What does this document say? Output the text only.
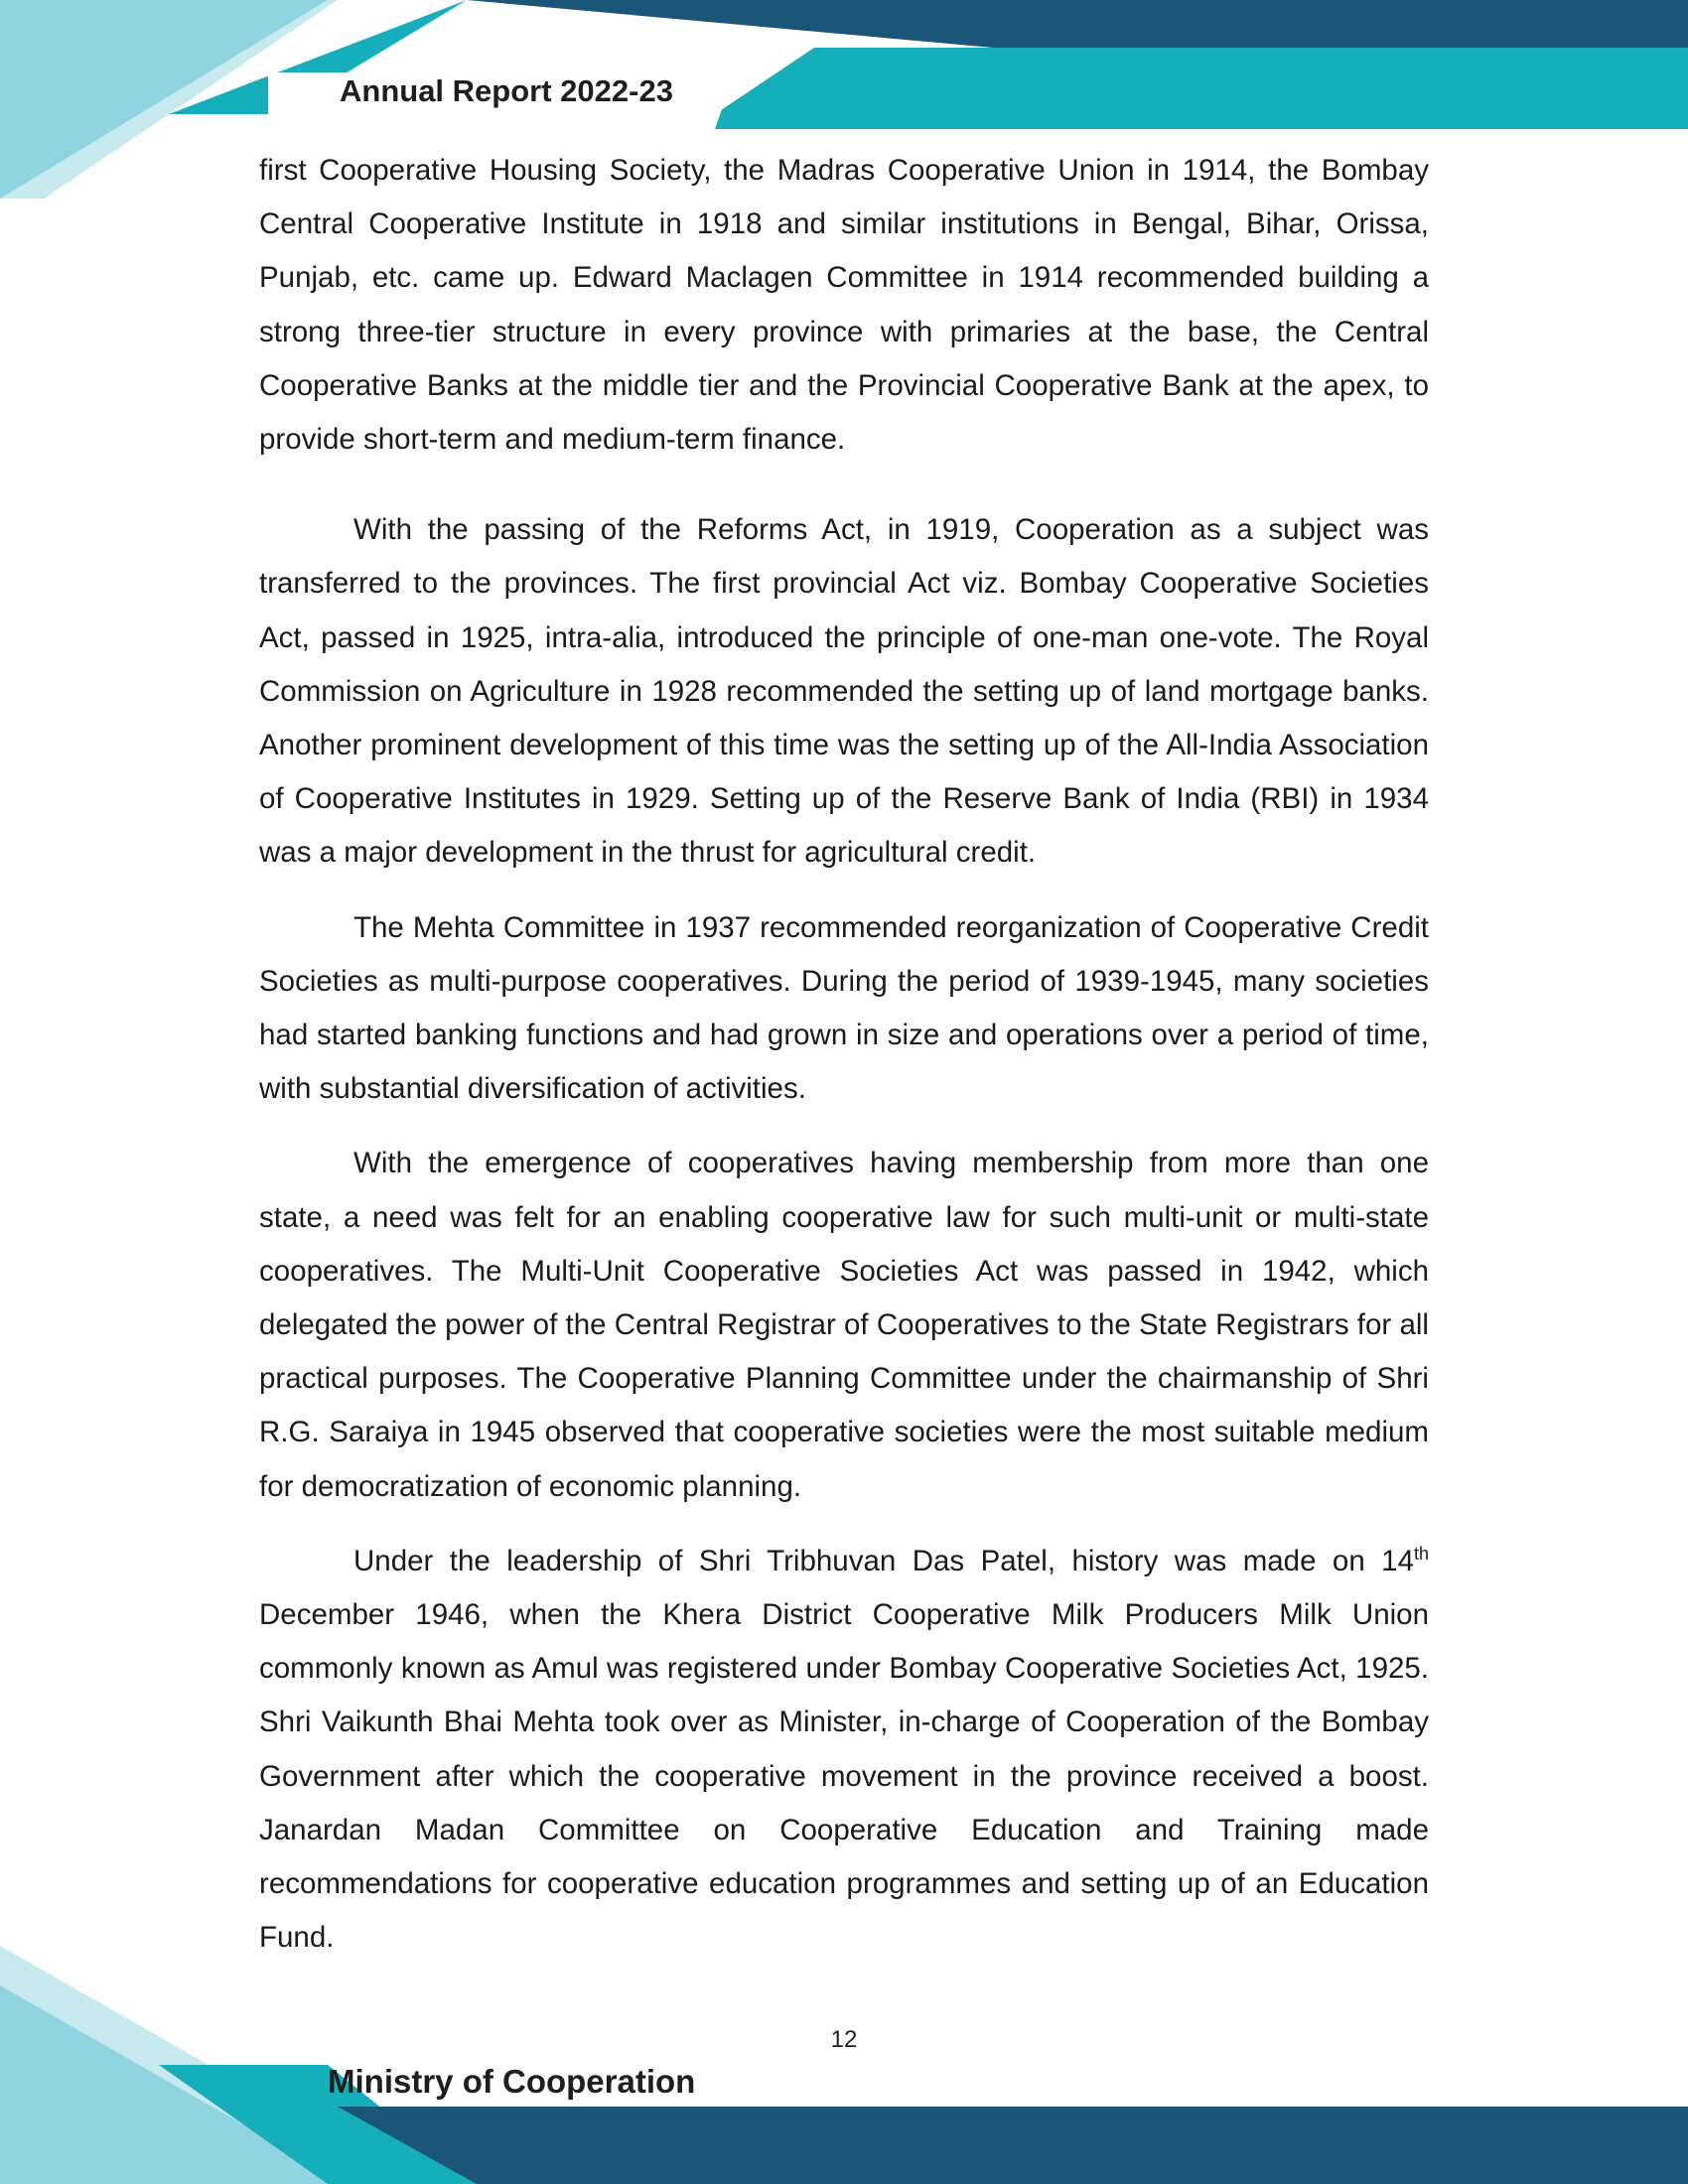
Annual Report 2022-23

first Cooperative Housing Society, the Madras Cooperative Union in 1914, the Bombay Central Cooperative Institute in 1918 and similar institutions in Bengal, Bihar, Orissa, Punjab, etc. came up. Edward Maclagen Committee in 1914 recommended building a strong three-tier structure in every province with primaries at the base, the Central Cooperative Banks at the middle tier and the Provincial Cooperative Bank at the apex, to provide short-term and medium-term finance.

With the passing of the Reforms Act, in 1919, Cooperation as a subject was transferred to the provinces. The first provincial Act viz. Bombay Cooperative Societies Act, passed in 1925, intra-alia, introduced the principle of one-man one-vote. The Royal Commission on Agriculture in 1928 recommended the setting up of land mortgage banks. Another prominent development of this time was the setting up of the All-India Association of Cooperative Institutes in 1929. Setting up of the Reserve Bank of India (RBI) in 1934 was a major development in the thrust for agricultural credit.

The Mehta Committee in 1937 recommended reorganization of Cooperative Credit Societies as multi-purpose cooperatives. During the period of 1939-1945, many societies had started banking functions and had grown in size and operations over a period of time, with substantial diversification of activities.

With the emergence of cooperatives having membership from more than one state, a need was felt for an enabling cooperative law for such multi-unit or multi-state cooperatives. The Multi-Unit Cooperative Societies Act was passed in 1942, which delegated the power of the Central Registrar of Cooperatives to the State Registrars for all practical purposes. The Cooperative Planning Committee under the chairmanship of Shri R.G. Saraiya in 1945 observed that cooperative societies were the most suitable medium for democratization of economic planning.

Under the leadership of Shri Tribhuvan Das Patel, history was made on 14th December 1946, when the Khera District Cooperative Milk Producers Milk Union commonly known as Amul was registered under Bombay Cooperative Societies Act, 1925. Shri Vaikunth Bhai Mehta took over as Minister, in-charge of Cooperation of the Bombay Government after which the cooperative movement in the province received a boost. Janardan Madan Committee on Cooperative Education and Training made recommendations for cooperative education programmes and setting up of an Education Fund.

12
Ministry of Cooperation
